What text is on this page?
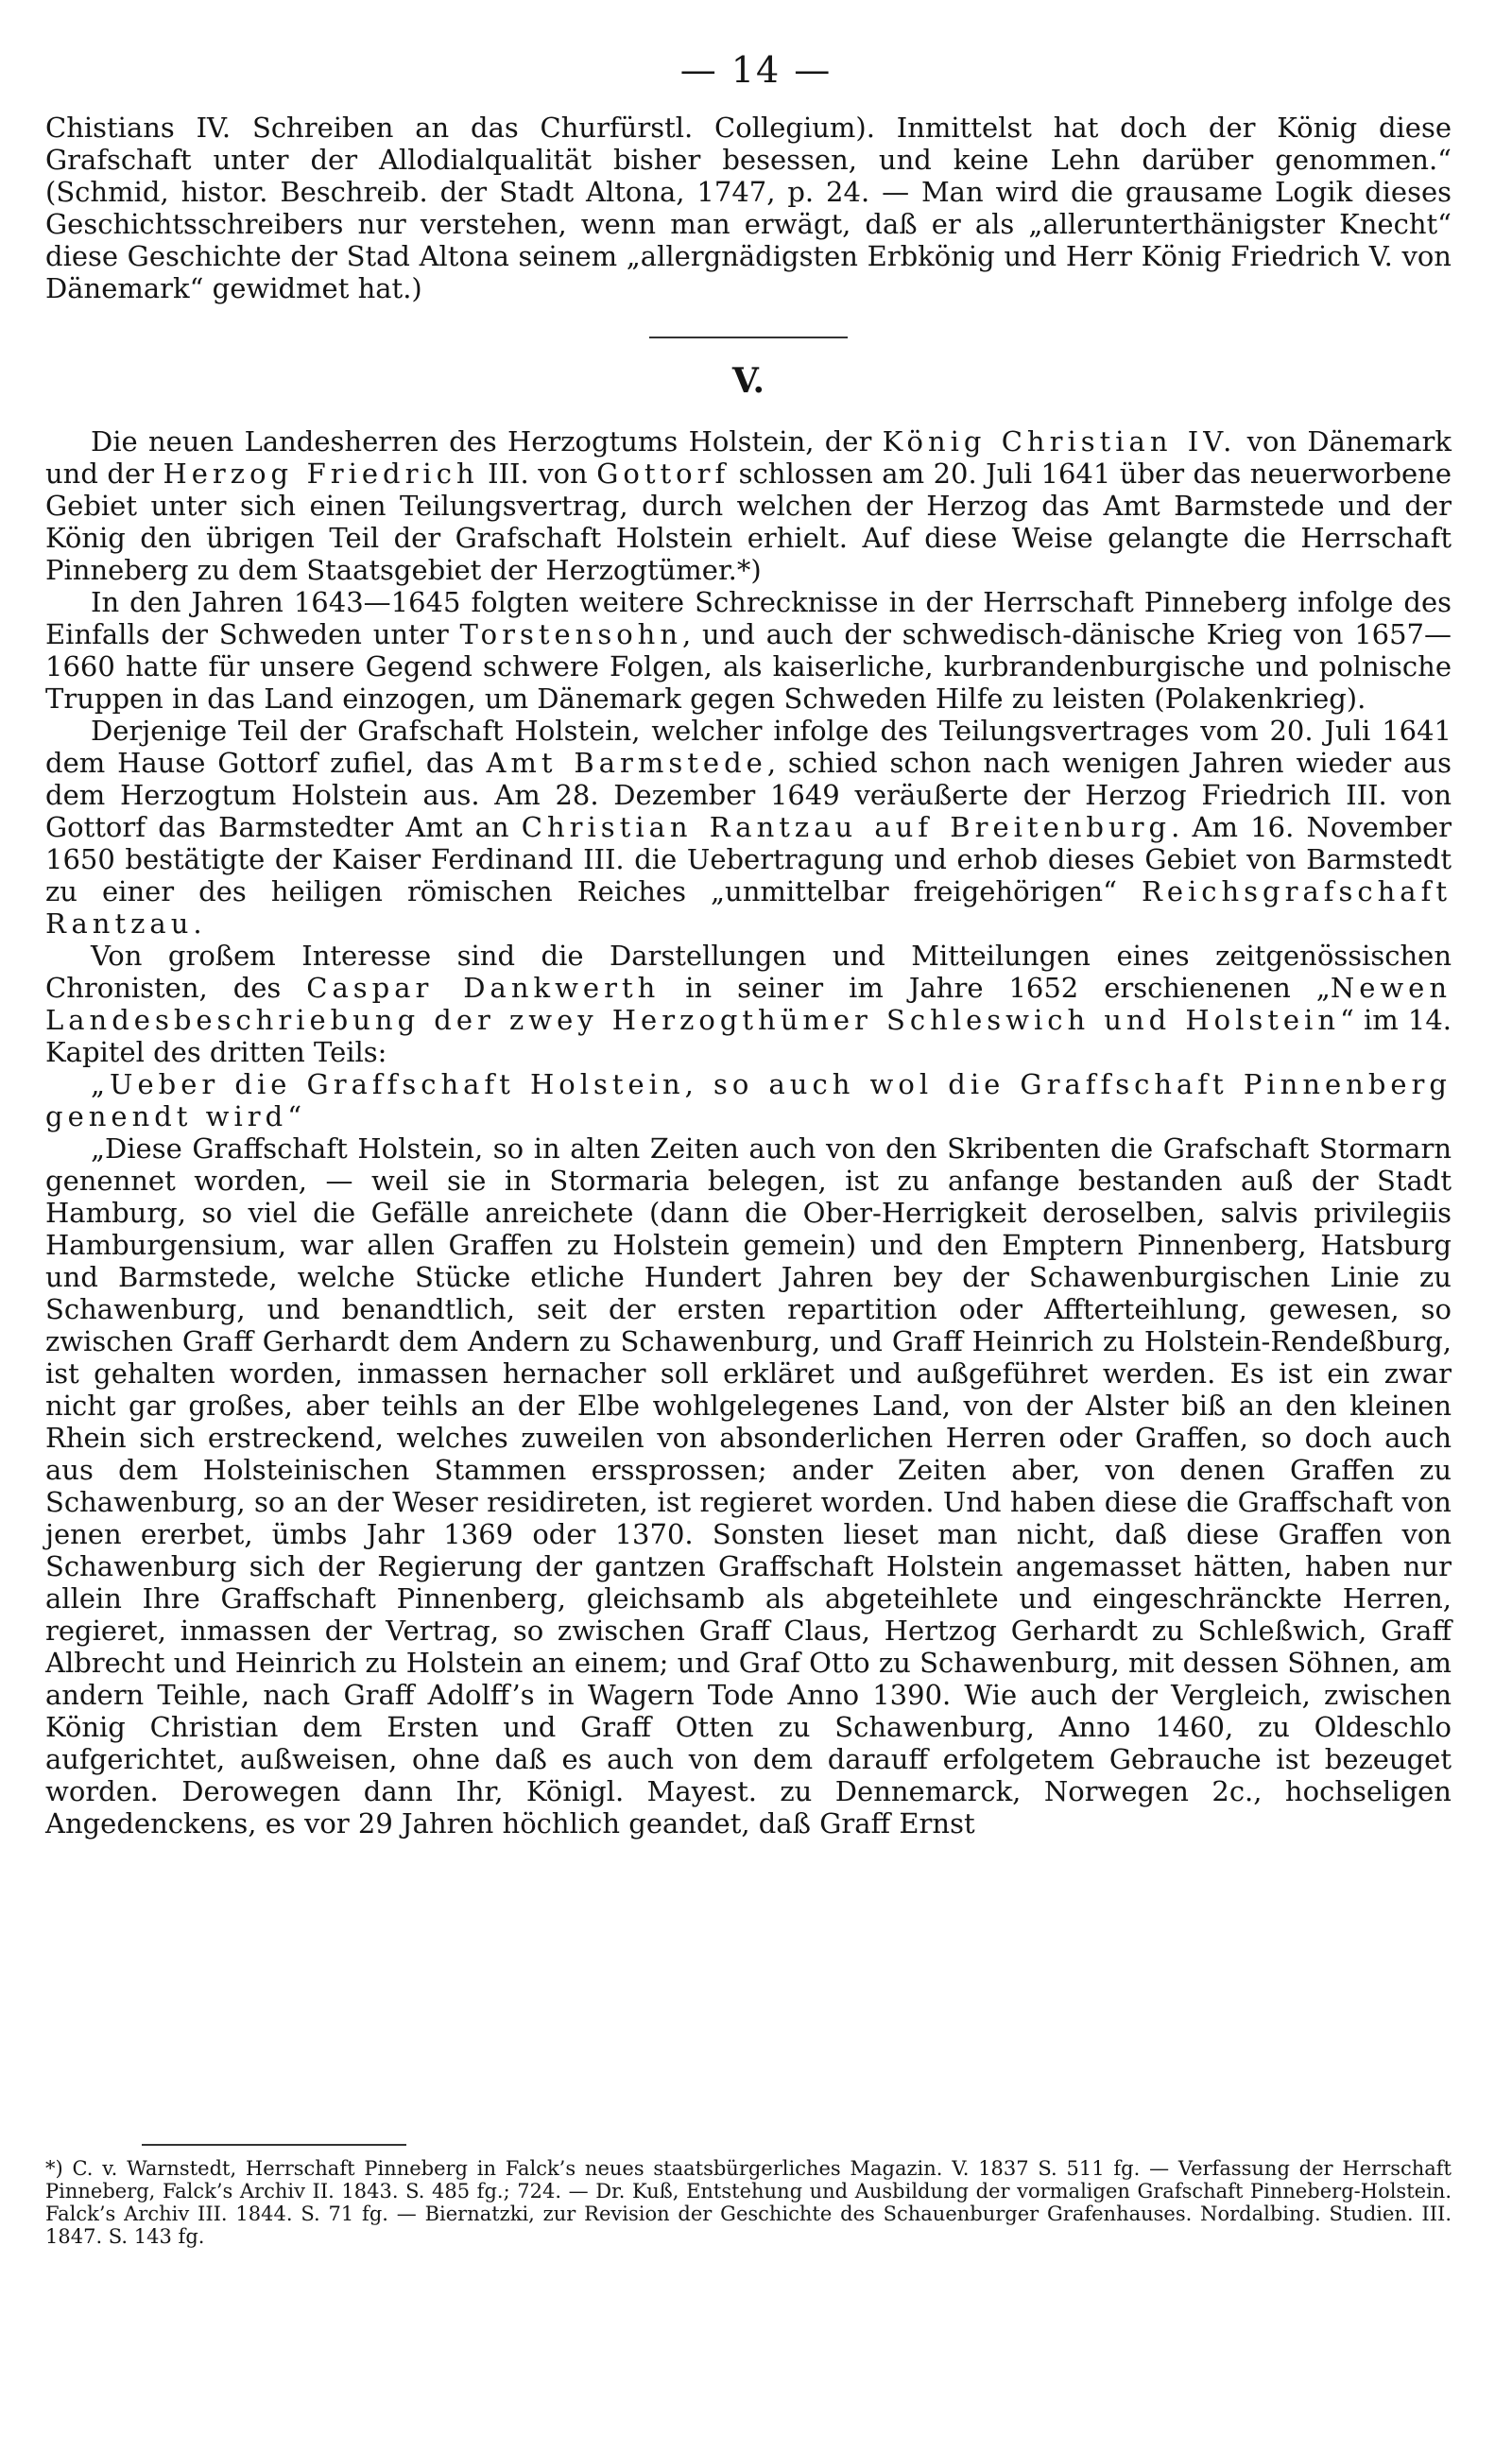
— 14 —

Chistians IV. Schreiben an das Churfürstl. Collegium). Inmittelst hat doch der König diese Grafschaft unter der Allodialqualität bisher besessen, und keine Lehn darüber genommen.“ (Schmid, histor. Beschreib. der Stadt Altona, 1747, p. 24. — Man wird die grausame Logik dieses Geschichtsschreibers nur verstehen, wenn man erwägt, daß er als „allerunterthänigster Knecht“ diese Geschichte der Stad Altona seinem „allergnädigsten Erbkönig und Herr König Friedrich V. von Dänemark“ gewidmet hat.)

V.

Die neuen Landesherren des Herzogtums Holstein, der König Christian IV. von Dänemark und der Herzog Friedrich III. von Gottorf schlossen am 20. Juli 1641 über das neuerworbene Gebiet unter sich einen Teilungsvertrag, durch welchen der Herzog das Amt Barmstede und der König den übrigen Teil der Grafschaft Holstein erhielt. Auf diese Weise gelangte die Herrschaft Pinneberg zu dem Staatsgebiet der Herzogtümer.*)

In den Jahren 1643—1645 folgten weitere Schrecknisse in der Herrschaft Pinneberg infolge des Einfalls der Schweden unter Torstensohn, und auch der schwedisch-dänische Krieg von 1657—1660 hatte für unsere Gegend schwere Folgen, als kaiserliche, kurbrandenburgische und polnische Truppen in das Land einzogen, um Dänemark gegen Schweden Hilfe zu leisten (Polakenkrieg).

Derjenige Teil der Grafschaft Holstein, welcher infolge des Teilungsvertrages vom 20. Juli 1641 dem Hause Gottorf zufiel, das Amt Barmstede, schied schon nach wenigen Jahren wieder aus dem Herzogtum Holstein aus. Am 28. Dezember 1649 veräußerte der Herzog Friedrich III. von Gottorf das Barmstedter Amt an Christian Rantzau auf Breitenburg. Am 16. November 1650 bestätigte der Kaiser Ferdinand III. die Uebertragung und erhob dieses Gebiet von Barmstedt zu einer des heiligen römischen Reiches „unmittelbar freigehörigen“ Reichsgrafschaft Rantzau.

Von großem Interesse sind die Darstellungen und Mitteilungen eines zeitgenössischen Chronisten, des Caspar Dankwerth in seiner im Jahre 1652 erschienenen „Newen Landesbeschriebung der zwey Herzogthümer Schleswich und Holstein“ im 14. Kapitel des dritten Teils:

„Ueber die Graffschaft Holstein, so auch wol die Graffschaft Pinnenberg genendt wird“

„Diese Graffschaft Holstein, so in alten Zeiten auch von den Skribenten die Grafschaft Stormarn genennet worden, — weil sie in Stormaria belegen, ist zu anfange bestanden auß der Stadt Hamburg, so viel die Gefälle anreichete (dann die Ober-Herrigkeit deroselben, salvis privilegiis Hamburgensium, war allen Graffen zu Holstein gemein) und den Emptern Pinnenberg, Hatsburg und Barmstede, welche Stücke etliche Hundert Jahren bey der Schawenburgischen Linie zu Schawenburg, und benandtlich, seit der ersten repartition oder Affterteihlung, gewesen, so zwischen Graff Gerhardt dem Andern zu Schawenburg, und Graff Heinrich zu Holstein-Rendeßburg, ist gehalten worden, inmassen hernacher soll erkläret und außgeführet werden. Es ist ein zwar nicht gar großes, aber teihls an der Elbe wohlgelegenes Land, von der Alster biß an den kleinen Rhein sich erstreckend, welches zuweilen von absonderlichen Herren oder Graffen, so doch auch aus dem Holsteinischen Stammen erssprossen; ander Zeiten aber, von denen Graffen zu Schawenburg, so an der Weser residireten, ist regieret worden. Und haben diese die Graffschaft von jenen ererbet, ümbs Jahr 1369 oder 1370. Sonsten lieset man nicht, daß diese Graffen von Schawenburg sich der Regierung der gantzen Graffschaft Holstein angemasset hätten, haben nur allein Ihre Graffschaft Pinnenberg, gleichsamb als abgeteihlete und eingeschränckte Herren, regieret, inmassen der Vertrag, so zwischen Graff Claus, Hertzog Gerhardt zu Schleßwich, Graff Albrecht und Heinrich zu Holstein an einem; und Graf Otto zu Schawenburg, mit dessen Söhnen, am andern Teihle, nach Graff Adolff’s in Wagern Tode Anno 1390. Wie auch der Vergleich, zwischen König Christian dem Ersten und Graff Otten zu Schawenburg, Anno 1460, zu Oldeschlo aufgerichtet, außweisen, ohne daß es auch von dem darauff erfolgetem Gebrauche ist bezeuget worden. Derowegen dann Ihr, Königl. Mayest. zu Dennemarck, Norwegen 2c., hochseligen Angedenckens, es vor 29 Jahren höchlich geandet, daß Graff Ernst

*) C. v. Warnstedt, Herrschaft Pinneberg in Falck’s neues staatsbürgerliches Magazin. V. 1837 S. 511 fg. — Verfassung der Herrschaft Pinneberg, Falck’s Archiv II. 1843. S. 485 fg.; 724. — Dr. Kuß, Entstehung und Ausbildung der vormaligen Grafschaft Pinneberg-Holstein. Falck’s Archiv III. 1844. S. 71 fg. — Biernatzki, zur Revision der Geschichte des Schauenburger Grafenhauses. Nordalbing. Studien. III. 1847. S. 143 fg.
